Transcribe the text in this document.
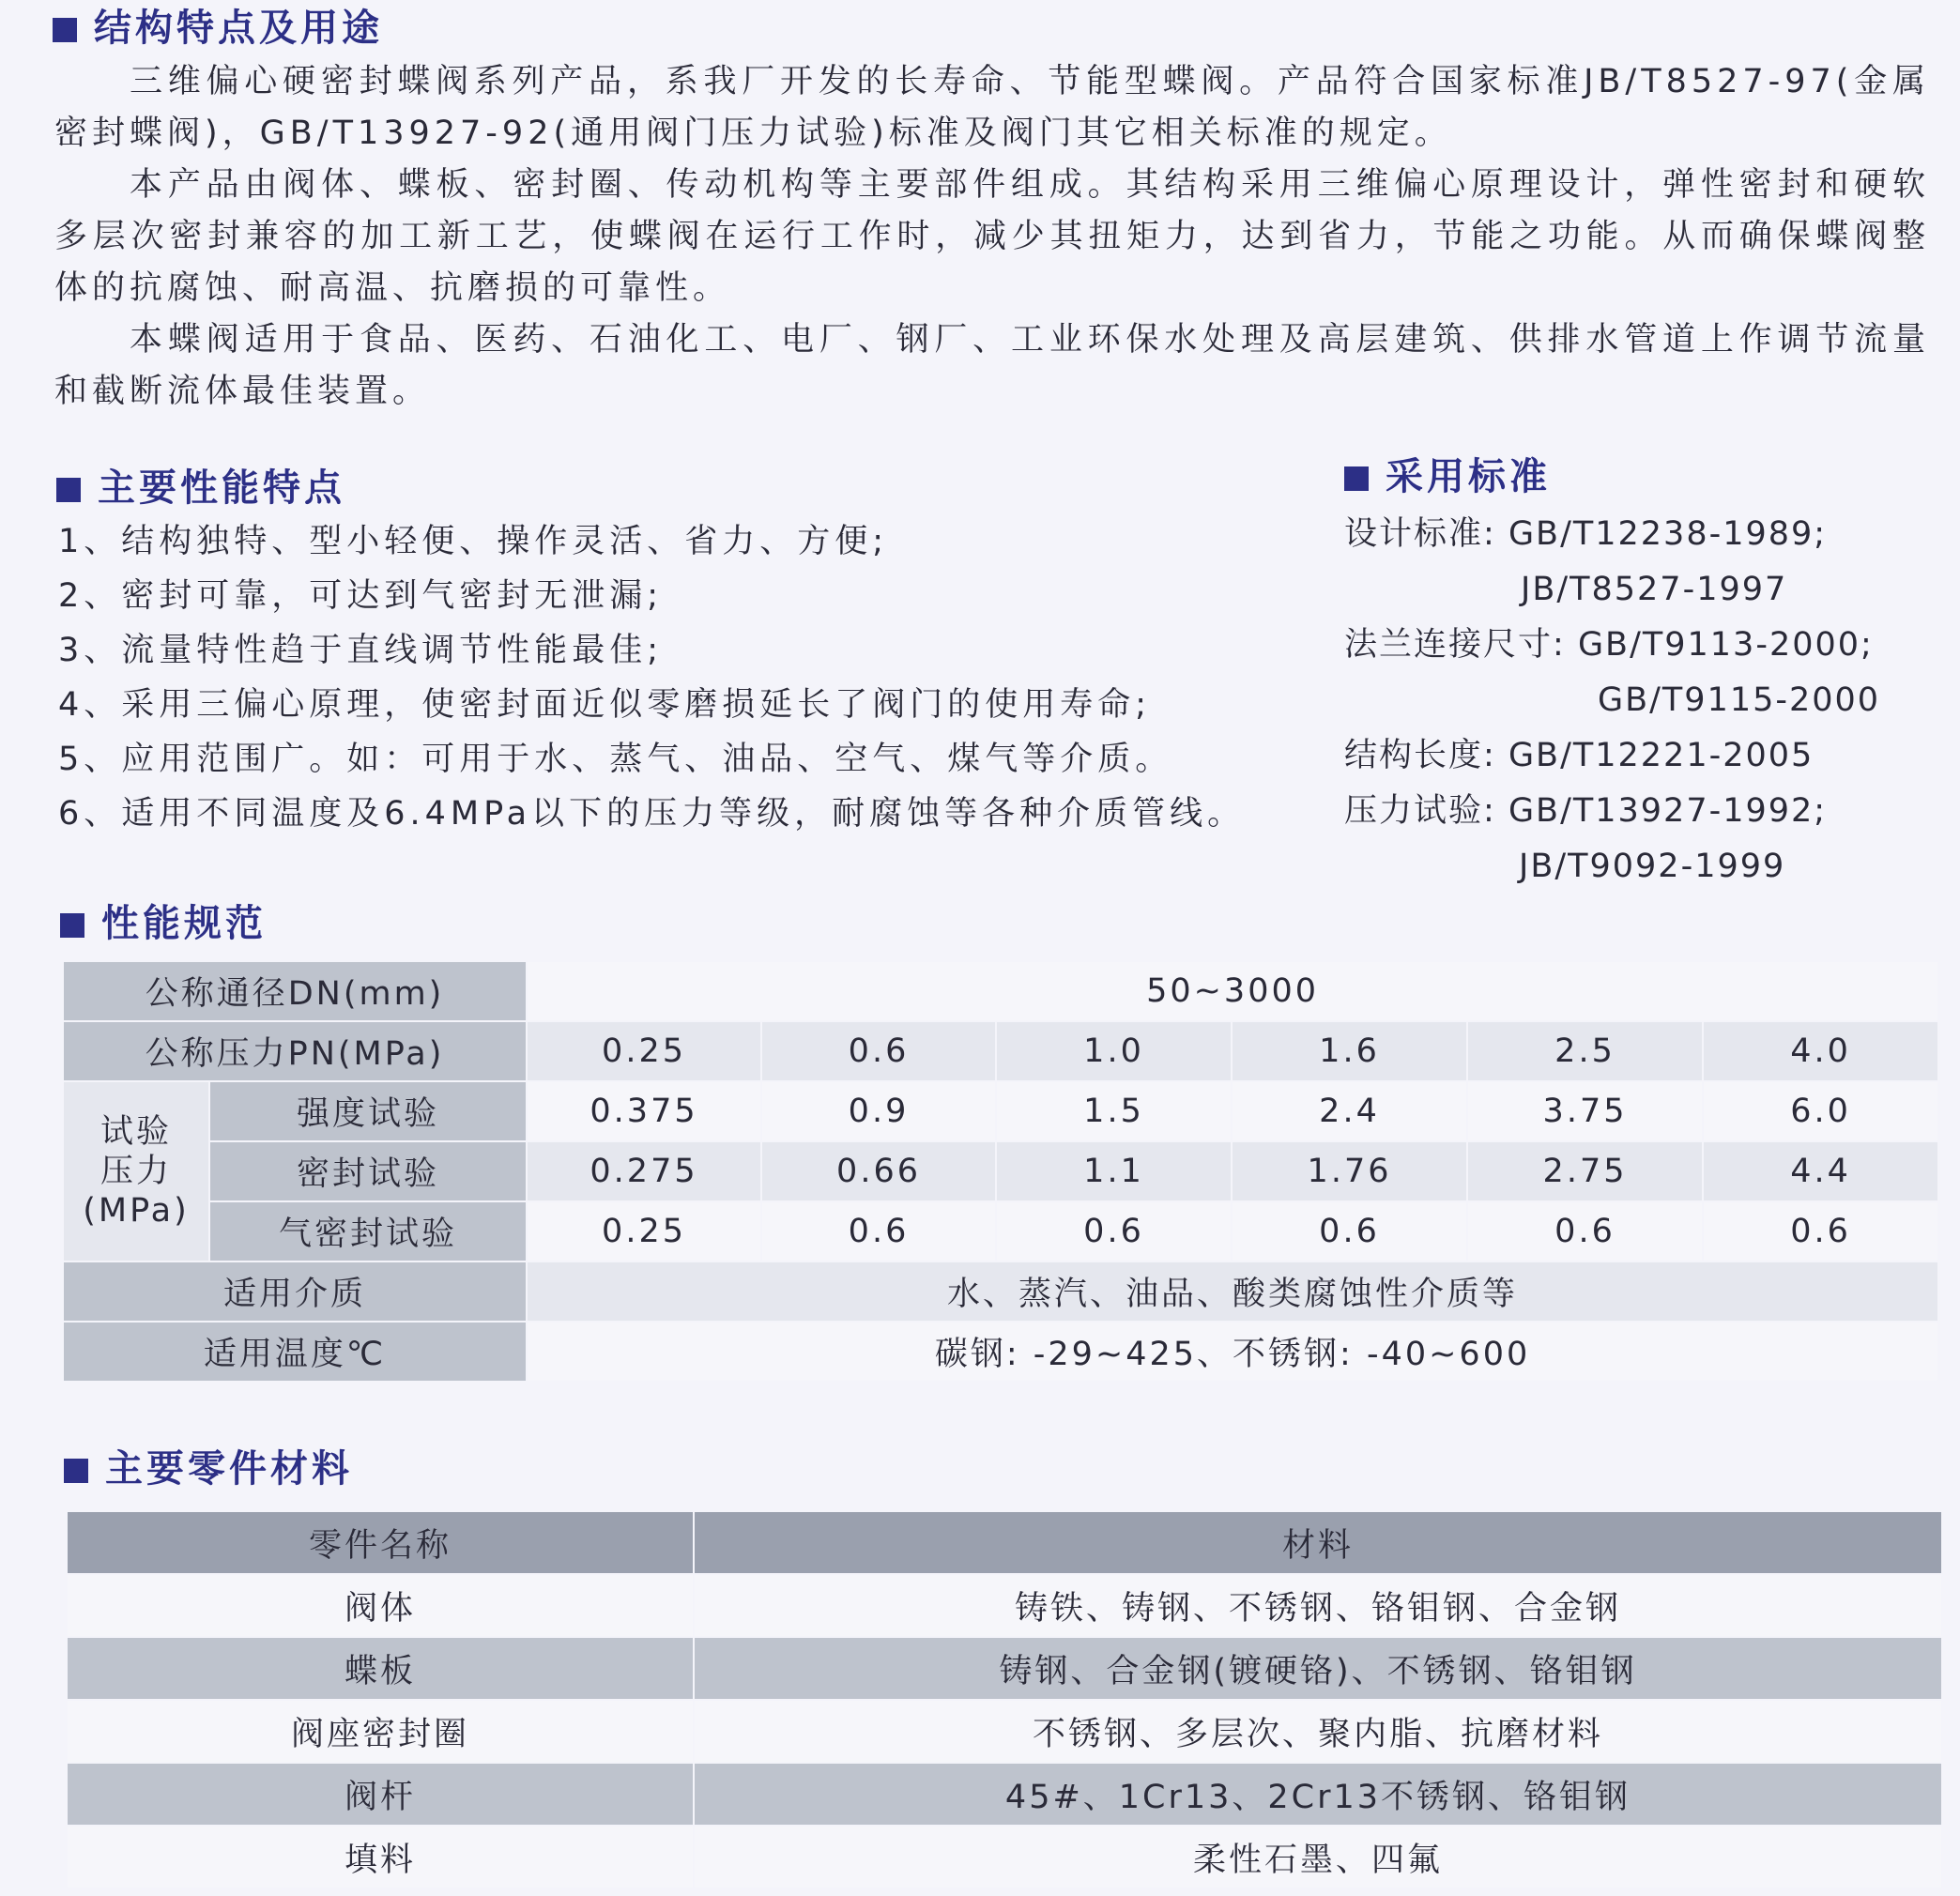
结构特点及用途

三维偏心硬密封蝶阀系列产品，系我厂开发的长寿命、节能型蝶阀。产品符合国家标准JB/T8527-97(金属密封蝶阀)，GB/T13927-92(通用阀门压力试验)标准及阀门其它相关标准的规定。

本产品由阀体、蝶板、密封圈、传动机构等主要部件组成。其结构采用三维偏心原理设计，弹性密封和硬软多层次密封兼容的加工新工艺，使蝶阀在运行工作时，减少其扭矩力，达到省力，节能之功能。从而确保蝶阀整体的抗腐蚀、耐高温、抗磨损的可靠性。

本蝶阀适用于食品、医药、石油化工、电厂、钢厂、工业环保水处理及高层建筑、供排水管道上作调节流量和截断流体最佳装置。

主要性能特点
1、结构独特、型小轻便、操作灵活、省力、方便;
2、密封可靠，可达到气密封无泄漏;
3、流量特性趋于直线调节性能最佳;
4、采用三偏心原理，使密封面近似零磨损延长了阀门的使用寿命;
5、应用范围广。如：可用于水、蒸气、油品、空气、煤气等介质。
6、适用不同温度及6.4MPa以下的压力等级，耐腐蚀等各种介质管线。
采用标准
设计标准: GB/T12238-1989;
JB/T8527-1997
法兰连接尺寸: GB/T9113-2000;
GB/T9115-2000
结构长度: GB/T12221-2005
压力试验: GB/T13927-1992;
JB/T9092-1999
性能规范
公称通径DN(mm)		50~3000					
公称压力PN(MPa)		0.25	0.6	1.0	1.6	2.5	4.0

试验
压力
(MPa)	强度试验	0.375	0.9	1.5	2.4	3.75	6.0
	密封试验	0.275	0.66	1.1	1.76	2.75	4.4
	气密封试验	0.25	0.6	0.6	0.6	0.6	0.6
适用介质		水、蒸汽、油品、酸类腐蚀性介质等					
适用温度℃		碳钢: -29~425、不锈钢: -40~600					
主要零件材料
零件名称	材料
阀体	铸铁、铸钢、不锈钢、铬钼钢、合金钢
蝶板	铸钢、合金钢(镀硬铬)、不锈钢、铬钼钢
阀座密封圈	不锈钢、多层次、聚内脂、抗磨材料
阀杆	45#、1Cr13、2Cr13不锈钢、铬钼钢
填料	柔性石墨、四氟
